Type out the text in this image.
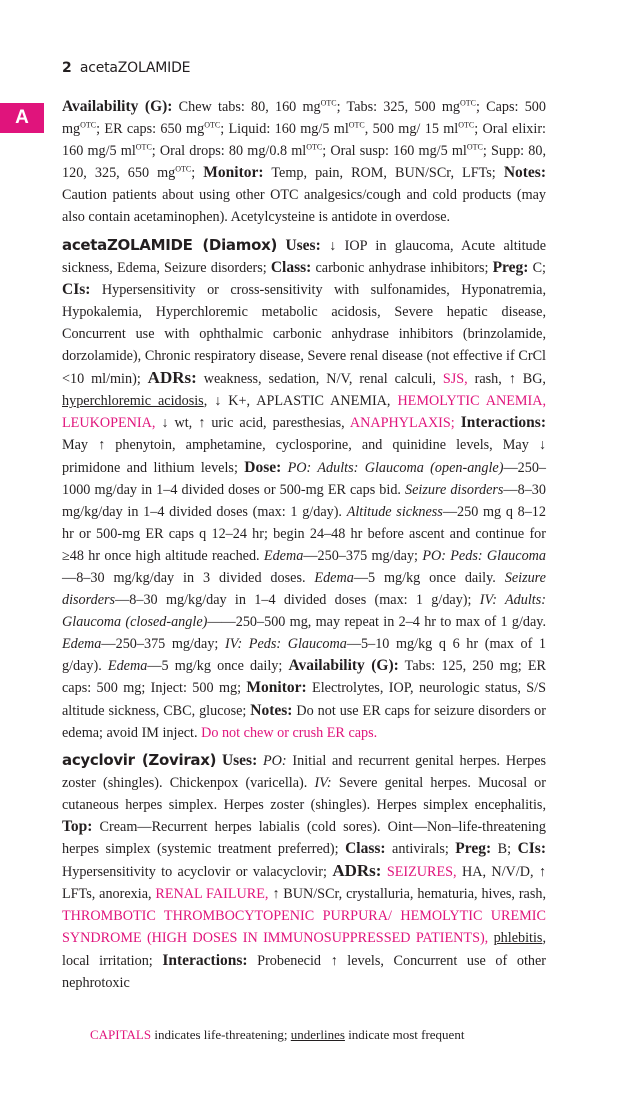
2 acetaZOLAMIDE
A

Availability (G): Chew tabs: 80, 160 $mg^{OTC}$; Tabs: 325, 500 $mg^{OTC}$; Caps: 500 $mg^{OTC}$; ER caps: 650 $mg^{OTC}$; Liquid: 160 mg/5 $ml^{OTC}$, 500 mg/ 15 $ml^{OTC}$; Oral elixir: 160 mg/5 $ml^{OTC}$; Oral drops: 80 mg/0.8 $ml^{OTC}$; Oral susp: 160 mg/5 $ml^{OTC}$; Supp: 80, 120, 325, 650 $mg^{OTC}$; Monitor: Temp, pain, ROM, BUN/SCr, LFTs; Notes: Caution patients about using other OTC analgesics/cough and cold products (may also contain acetaminophen). Acetylcysteine is antidote in overdose.

acetaZOLAMIDE (Diamox) Uses: ↓ IOP in glaucoma, Acute altitude sickness, Edema, Seizure disorders; Class: carbonic anhydrase inhibitors; Preg: C; CIs: Hypersensitivity or cross-sensitivity with sulfonamides, Hyponatremia, Hypokalemia, Hyperchloremic metabolic acidosis, Severe hepatic disease, Concurrent use with ophthalmic carbonic anhydrase inhibitors (brinzolamide, dorzolamide), Chronic respiratory disease, Severe renal disease (not effective if CrCl <10 ml/min); ADRs: weakness, sedation, N/V, renal calculi, SJS, rash, ↑ BG, hyperchloremic acidosis, ↓ K+, APLASTIC ANEMIA, HEMOLYTIC ANEMIA, LEUKOPENIA, ↓ wt, ↑ uric acid, paresthesias, ANAPHYLAXIS; Interactions: May ↑ phenytoin, amphetamine, cyclosporine, and quinidine levels, May ↓ primidone and lithium levels; Dose: PO: Adults: Glaucoma (open-angle)—250–1000 mg/day in 1–4 divided doses or 500-mg ER caps bid. Seizure disorders—8–30 mg/kg/day in 1–4 divided doses (max: 1 g/day). Altitude sickness—250 mg q 8–12 hr or 500-mg ER caps q 12–24 hr; begin 24–48 hr before ascent and continue for ≥48 hr once high altitude reached. Edema—250–375 mg/day; PO: Peds: Glaucoma—8–30 mg/kg/day in 3 divided doses. Edema—5 mg/kg once daily. Seizure disorders—8–30 mg/kg/day in 1–4 divided doses (max: 1 g/day); IV: Adults: Glaucoma (closed-angle)——250–500 mg, may repeat in 2–4 hr to max of 1 g/day. Edema—250–375 mg/day; IV: Peds: Glaucoma—5–10 mg/kg q 6 hr (max of 1 g/day). Edema—5 mg/kg once daily; Availability (G): Tabs: 125, 250 mg; ER caps: 500 mg; Inject: 500 mg; Monitor: Electrolytes, IOP, neurologic status, S/S altitude sickness, CBC, glucose; Notes: Do not use ER caps for seizure disorders or edema; avoid IM inject. Do not chew or crush ER caps.

acyclovir (Zovirax) Uses: PO: Initial and recurrent genital herpes. Herpes zoster (shingles). Chickenpox (varicella). IV: Severe genital herpes. Mucosal or cutaneous herpes simplex. Herpes zoster (shingles). Herpes simplex encephalitis, Top: Cream—Recurrent herpes labialis (cold sores). Oint—Non–life-threatening herpes simplex (systemic treatment preferred); Class: antivirals; Preg: B; CIs: Hypersensitivity to acyclovir or valacyclovir; ADRs: SEIZURES, HA, N/V/D, ↑ LFTs, anorexia, RENAL FAILURE, ↑ BUN/SCr, crystalluria, hematuria, hives, rash, THROMBOTIC THROMBOCYTOPENIC PURPURA/ HEMOLYTIC UREMIC SYNDROME (HIGH DOSES IN IMMUNOSUPPRESSED PATIENTS), phlebitis, local irritation; Interactions: Probenecid ↑ levels, Concurrent use of other nephrotoxic

CAPITALS indicates life-threatening; underlines indicate most frequent
